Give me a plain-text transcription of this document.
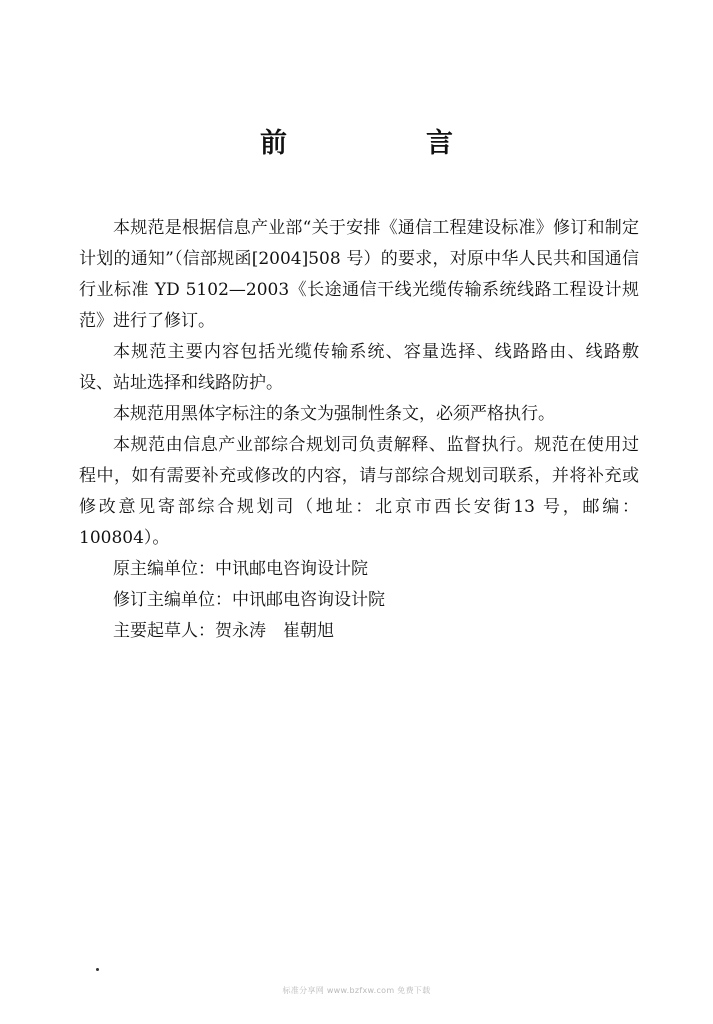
前　言

本规范是根据信息产业部“关于安排《通信工程建设标准》修订和制定计划的通知”（信部规函[2004]508 号）的要求，对原中华人民共和国通信行业标准 YD 5102—2003《长途通信干线光缆传输系统线路工程设计规范》进行了修订。

本规范主要内容包括光缆传输系统、容量选择、线路路由、线路敷设、站址选择和线路防护。

本规范用黑体字标注的条文为强制性条文，必须严格执行。

本规范由信息产业部综合规划司负责解释、监督执行。规范在使用过程中，如有需要补充或修改的内容，请与部综合规划司联系，并将补充或修改意见寄部综合规划司（地址：北京市西长安街13 号，邮编：100804）。

原主编单位：中讯邮电咨询设计院

修订主编单位：中讯邮电咨询设计院

主要起草人：贺永涛　崔朝旭

标准分享网 www.bzfxw.com 免费下载
